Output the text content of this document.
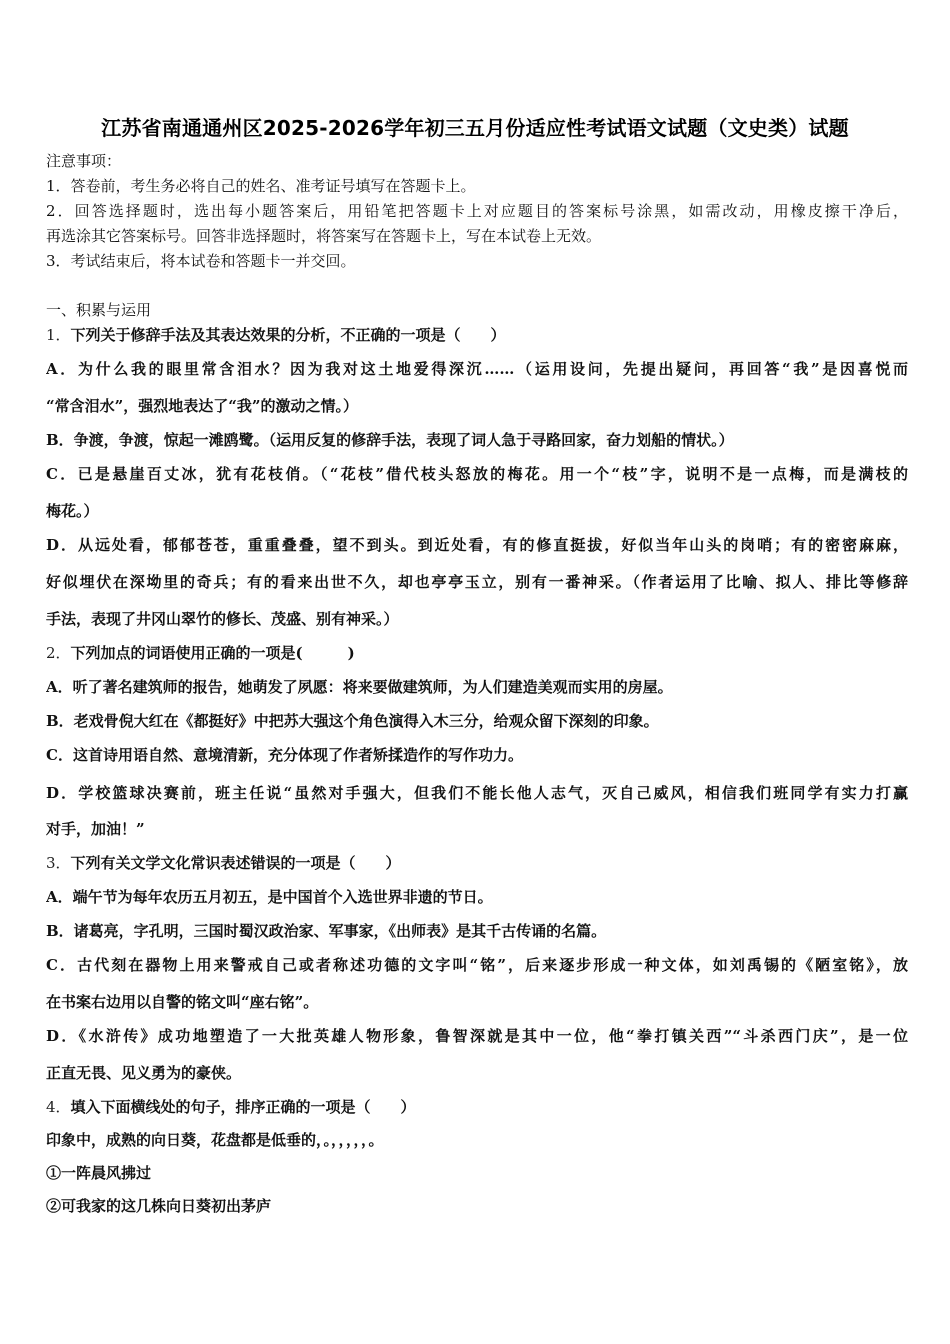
江苏省南通通州区2025-2026学年初三五月份适应性考试语文试题（文史类）试题
注意事项：
1．答卷前，考生务必将自己的姓名、准考证号填写在答题卡上。
2．回答选择题时，选出每小题答案后，用铅笔把答题卡上对应题目的答案标号涂黑，如需改动，用橡皮擦干净后，
再选涂其它答案标号。回答非选择题时，将答案写在答题卡上，写在本试卷上无效。
3．考试结束后，将本试卷和答题卡一并交回。
一、积累与运用
1．下列关于修辞手法及其表达效果的分析，不正确的一项是（　　）
A．为什么我的眼里常含泪水？因为我对这土地爱得深沉……（运用设问，先提出疑问，再回答“我”是因喜悦而
“常含泪水”，强烈地表达了“我”的激动之情。）
B．争渡，争渡，惊起一滩鸥鹭。（运用反复的修辞手法，表现了词人急于寻路回家，奋力划船的情状。）
C．已是悬崖百丈冰，犹有花枝俏。（“花枝”借代枝头怒放的梅花。用一个“枝”字，说明不是一点梅，而是满枝的
梅花。）
D．从远处看，郁郁苍苍，重重叠叠，望不到头。到近处看，有的修直挺拔，好似当年山头的岗哨；有的密密麻麻，
好似埋伏在深坳里的奇兵；有的看来出世不久，却也亭亭玉立，别有一番神采。（作者运用了比喻、拟人、排比等修辞
手法，表现了井冈山翠竹的修长、茂盛、别有神采。）
2．下列加点的词语使用正确的一项是(　　　)
A．听了著名建筑师的报告，她萌发了夙愿：将来要做建筑师，为人们建造美观而实用的房屋。
B．老戏骨倪大红在《都挺好》中把苏大强这个角色演得入木三分，给观众留下深刻的印象。
C．这首诗用语自然、意境清新，充分体现了作者矫揉造作的写作功力。
D．学校篮球决赛前，班主任说“虽然对手强大，但我们不能长他人志气，灭自己威风，相信我们班同学有实力打赢
对手，加油！”
3．下列有关文学文化常识表述错误的一项是（　　）
A．端午节为每年农历五月初五，是中国首个入选世界非遗的节日。
B．诸葛亮，字孔明，三国时蜀汉政治家、军事家，《出师表》是其千古传诵的名篇。
C．古代刻在器物上用来警戒自己或者称述功德的文字叫“铭”，后来逐步形成一种文体，如刘禹锡的《陋室铭》，放
在书案右边用以自警的铭文叫“座右铭”。
D．《水浒传》成功地塑造了一大批英雄人物形象，鲁智深就是其中一位，他“拳打镇关西”“斗杀西门庆”，是一位
正直无畏、见义勇为的豪侠。
4．填入下面横线处的句子，排序正确的一项是（　　）
印象中，成熟的向日葵，花盘都是低垂的，。，，，，，。
①一阵晨风拂过
②可我家的这几株向日葵初出茅庐
